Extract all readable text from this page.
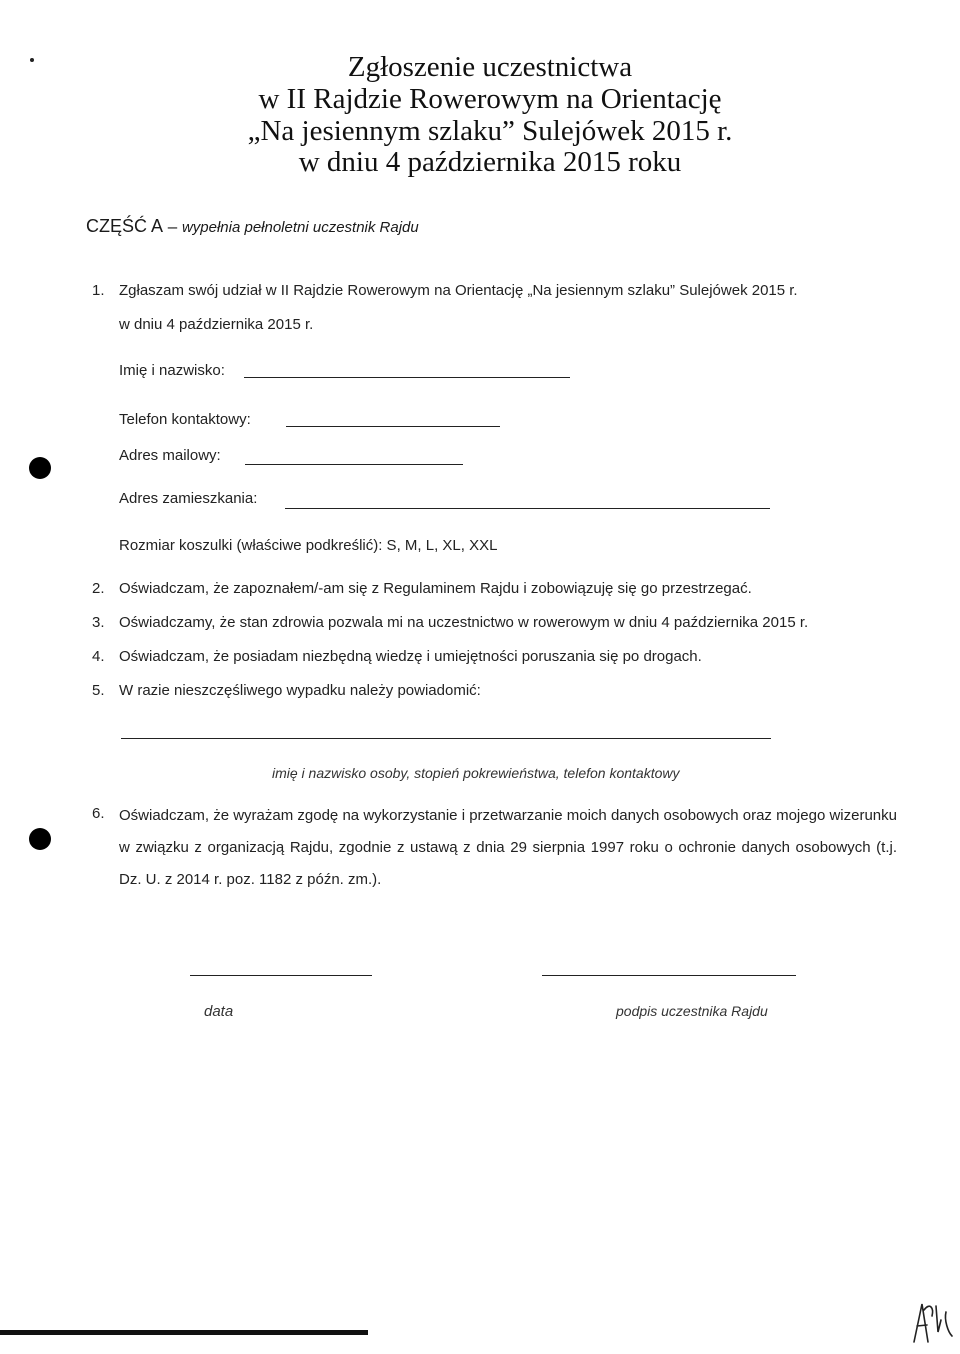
Zgłoszenie uczestnictwa
w II Rajdzie Rowerowym na Orientację
„Na jesiennym szlaku” Sulejówek 2015 r.
w dniu 4 października 2015 roku
CZĘŚĆ A – wypełnia pełnoletni uczestnik Rajdu
1. Zgłaszam swój udział w II Rajdzie Rowerowym na Orientację „Na jesiennym szlaku” Sulejówek 2015 r.
w dniu 4 października 2015 r.
Imię i nazwisko:
Telefon kontaktowy:
Adres mailowy:
Adres zamieszkania:
Rozmiar koszulki (właściwe podkreślić): S, M, L, XL, XXL
2. Oświadczam, że zapoznałem/-am się z Regulaminem Rajdu i zobowiązuję się go przestrzegać.
3. Oświadczamy, że stan zdrowia pozwala mi na uczestnictwo w rowerowym w dniu 4 października 2015 r.
4. Oświadczam, że posiadam niezbędną wiedzę i umiejętności poruszania się po drogach.
5. W razie nieszczęśliwego wypadku należy powiadomić:
imię i nazwisko osoby, stopień pokrewieństwa, telefon kontaktowy
6. Oświadczam, że wyrażam zgodę na wykorzystanie i przetwarzanie moich danych osobowych oraz mojego wizerunku w związku z organizacją Rajdu, zgodnie z ustawą z dnia 29 sierpnia 1997 roku o ochronie danych osobowych (t.j. Dz. U. z 2014 r. poz. 1182 z późn. zm.).
data	podpis uczestnika Rajdu
